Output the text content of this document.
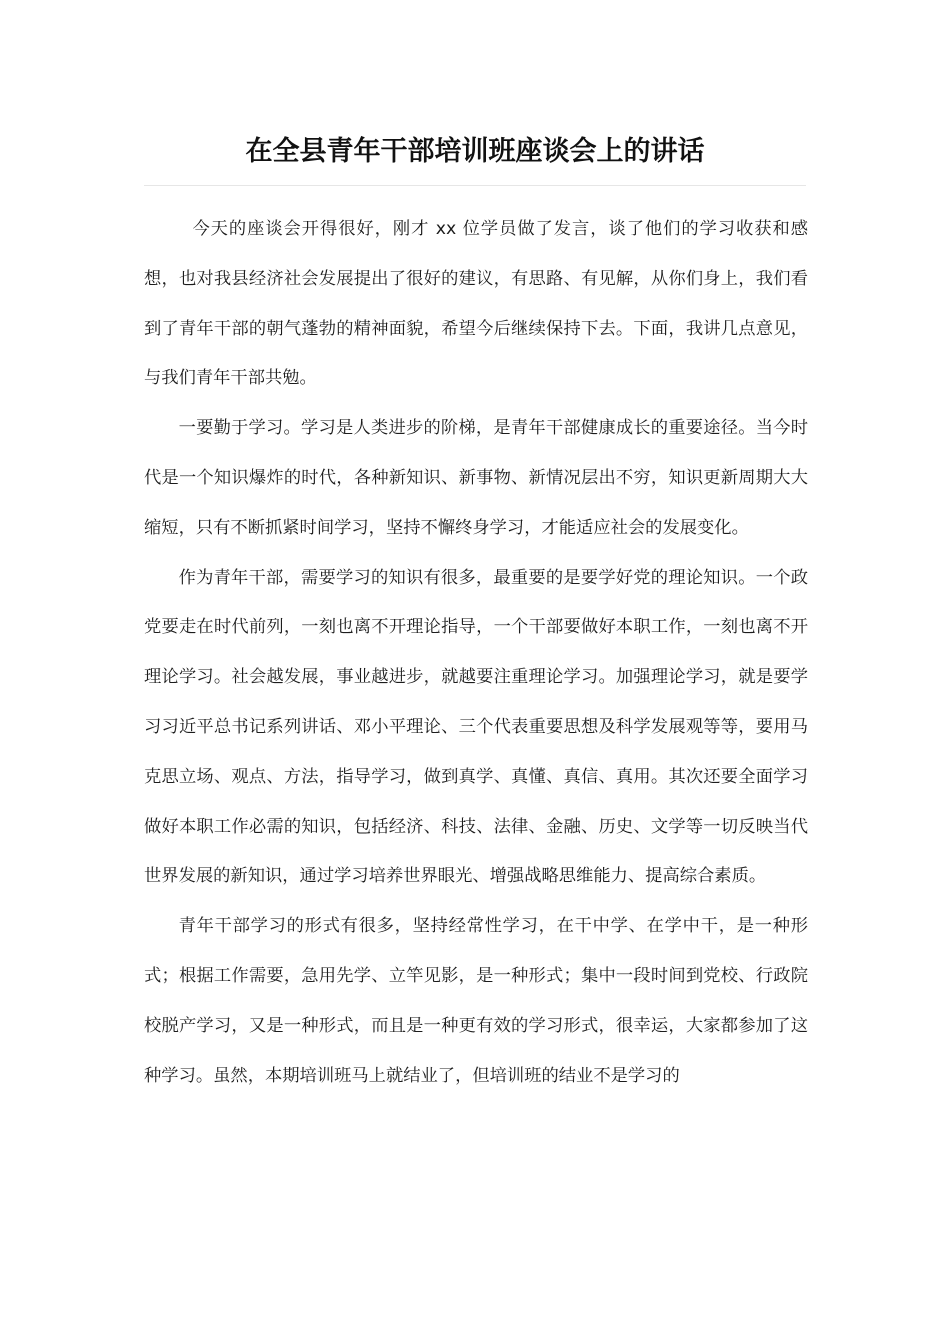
在全县青年干部培训班座谈会上的讲话

今天的座谈会开得很好，刚才 xx 位学员做了发言，谈了他们的学习收获和感想，也对我县经济社会发展提出了很好的建议，有思路、有见解，从你们身上，我们看到了青年干部的朝气蓬勃的精神面貌，希望今后继续保持下去。下面，我讲几点意见，与我们青年干部共勉。

一要勤于学习。学习是人类进步的阶梯，是青年干部健康成长的重要途径。当今时代是一个知识爆炸的时代，各种新知识、新事物、新情况层出不穷，知识更新周期大大缩短，只有不断抓紧时间学习，坚持不懈终身学习，才能适应社会的发展变化。

作为青年干部，需要学习的知识有很多，最重要的是要学好党的理论知识。一个政党要走在时代前列，一刻也离不开理论指导，一个干部要做好本职工作，一刻也离不开理论学习。社会越发展，事业越进步，就越要注重理论学习。加强理论学习，就是要学习习近平总书记系列讲话、邓小平理论、三个代表重要思想及科学发展观等等，要用马克思立场、观点、方法，指导学习，做到真学、真懂、真信、真用。其次还要全面学习做好本职工作必需的知识，包括经济、科技、法律、金融、历史、文学等一切反映当代世界发展的新知识，通过学习培养世界眼光、增强战略思维能力、提高综合素质。

青年干部学习的形式有很多，坚持经常性学习，在干中学、在学中干，是一种形式；根据工作需要，急用先学、立竿见影，是一种形式；集中一段时间到党校、行政院校脱产学习，又是一种形式，而且是一种更有效的学习形式，很幸运，大家都参加了这种学习。虽然，本期培训班马上就结业了，但培训班的结业不是学习的
